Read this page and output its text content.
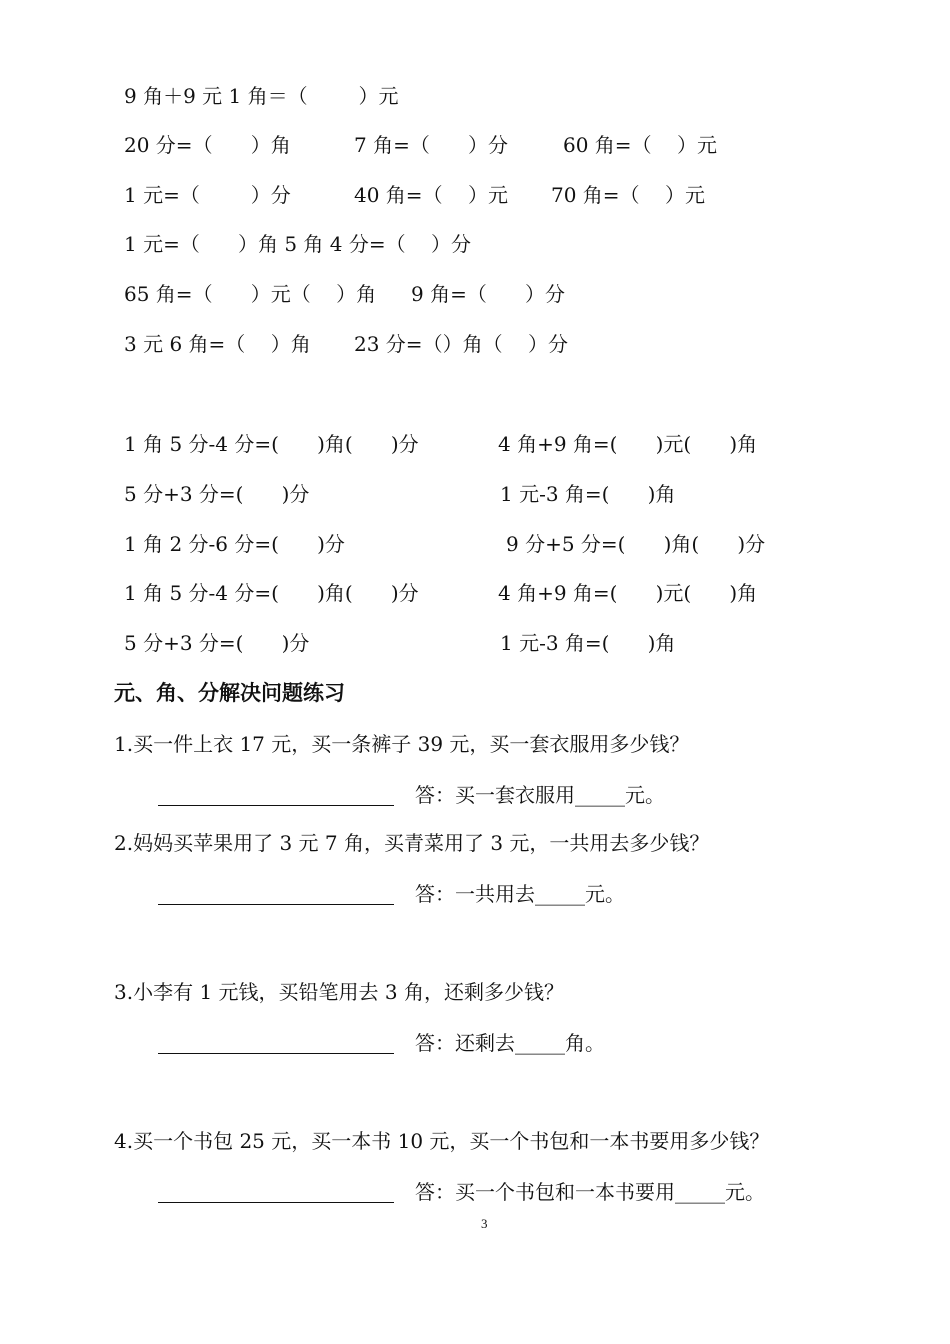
9 角＋9 元 1 角＝（        ）元
20 分=（      ）角	7 角=（      ）分	60 角=（    ）元
1 元=（        ）分	40 角=（    ）元 70 角=（    ）元
1 元=（      ）角 5 角 4 分=（    ）分
65 角=（      ）元（    ）角 9 角=（      ）分
3 元 6 角=（    ）角 23 分=（）角（    ）分
1 角 5 分-4 分=(      )角(      )分	4 角+9 角=(      )元(      )角
5 分+3 分=(      )分	1 元-3 角=(      )角
1 角 2 分-6 分=(      )分	9 分+5 分=(      )角(      )分
1 角 5 分-4 分=(      )角(      )分	4 角+9 角=(      )元(      )角
5 分+3 分=(      )分	1 元-3 角=(      )角
元、角、分解决问题练习
1.买一件上衣 17 元，买一条裤子 39 元，买一套衣服用多少钱？
答：买一套衣服用_____元。
2.妈妈买苹果用了 3 元 7 角，买青菜用了 3 元，一共用去多少钱？
答：一共用去_____元。
3.小李有 1 元钱，买铅笔用去 3 角，还剩多少钱？
答：还剩去_____角。
4.买一个书包 25 元，买一本书 10 元，买一个书包和一本书要用多少钱？
答：买一个书包和一本书要用_____元。
3
